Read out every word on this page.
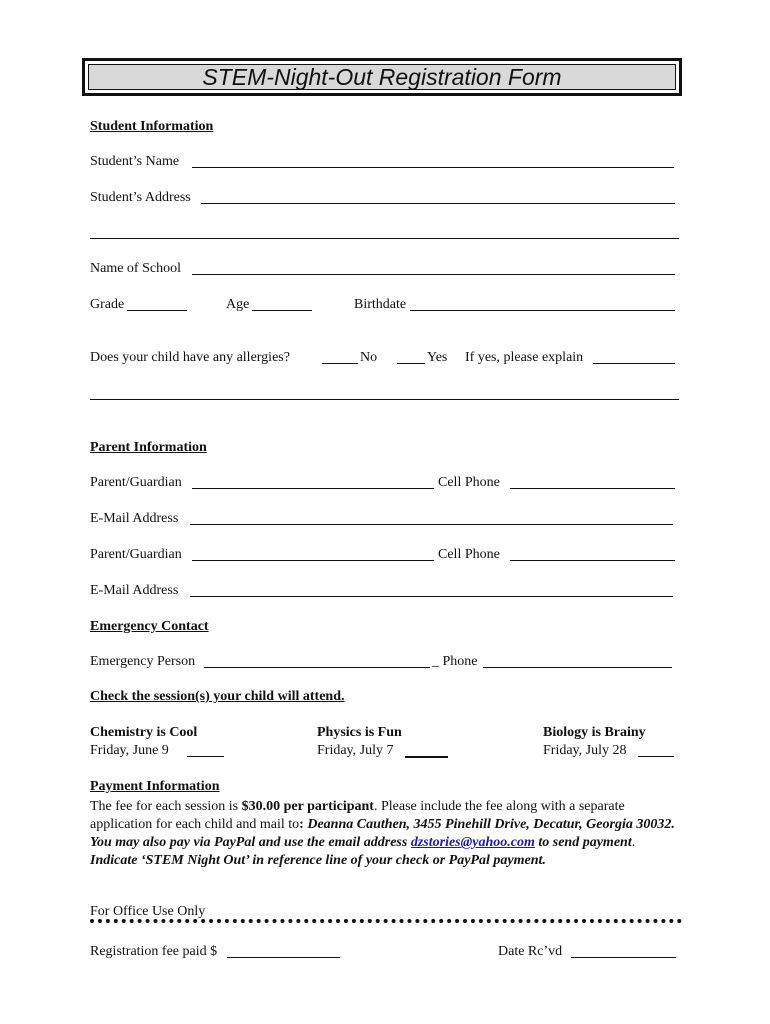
STEM-Night-Out Registration Form
Student Information
Student’s Name
Student’s Address
Name of School
Grade	Age	Birthdate
Does your child have any allergies?	No	Yes If yes, please explain
Parent Information
Parent/Guardian	Cell Phone
E-Mail Address
Parent/Guardian	Cell Phone
E-Mail Address
Emergency Contact
Emergency Person	_ Phone
Check the session(s) your child will attend.
Chemistry is Cool
Friday, June 9
Physics is Fun
Friday, July 7
Biology is Brainy
Friday, July 28
Payment Information
The fee for each session is $30.00 per participant. Please include the fee along with a separate application for each child and mail to: Deanna Cauthen, 3455 Pinehill Drive, Decatur, Georgia 30032. You may also pay via PayPal and use the email address dzstories@yahoo.com to send payment. Indicate ‘STEM Night Out’ in reference line of your check or PayPal payment.
For Office Use Only
Registration fee paid $	Date Rc’vd
